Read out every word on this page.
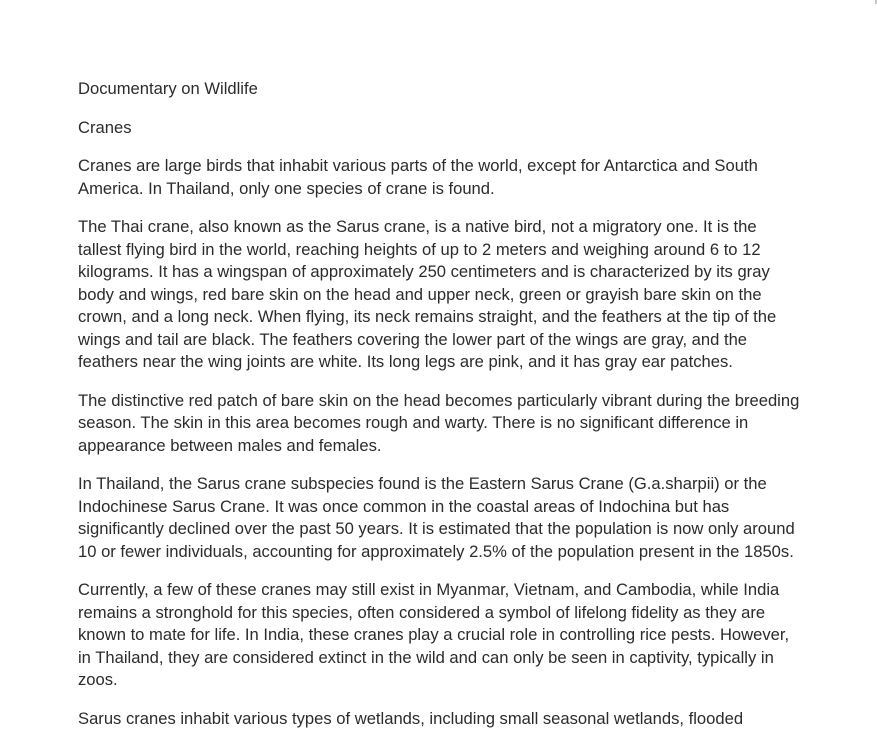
Documentary on Wildlife

Cranes

Cranes are large birds that inhabit various parts of the world, except for Antarctica and South America. In Thailand, only one species of crane is found.

The Thai crane, also known as the Sarus crane, is a native bird, not a migratory one. It is the tallest flying bird in the world, reaching heights of up to 2 meters and weighing around 6 to 12 kilograms. It has a wingspan of approximately 250 centimeters and is characterized by its gray body and wings, red bare skin on the head and upper neck, green or grayish bare skin on the crown, and a long neck. When flying, its neck remains straight, and the feathers at the tip of the wings and tail are black. The feathers covering the lower part of the wings are gray, and the feathers near the wing joints are white. Its long legs are pink, and it has gray ear patches.

The distinctive red patch of bare skin on the head becomes particularly vibrant during the breeding season. The skin in this area becomes rough and warty. There is no significant difference in appearance between males and females.

In Thailand, the Sarus crane subspecies found is the Eastern Sarus Crane (G.a.sharpii) or the Indochinese Sarus Crane. It was once common in the coastal areas of Indochina but has significantly declined over the past 50 years. It is estimated that the population is now only around 10 or fewer individuals, accounting for approximately 2.5% of the population present in the 1850s.

Currently, a few of these cranes may still exist in Myanmar, Vietnam, and Cambodia, while India remains a stronghold for this species, often considered a symbol of lifelong fidelity as they are known to mate for life. In India, these cranes play a crucial role in controlling rice pests. However, in Thailand, they are considered extinct in the wild and can only be seen in captivity, typically in zoos.

Sarus cranes inhabit various types of wetlands, including small seasonal wetlands, flooded
